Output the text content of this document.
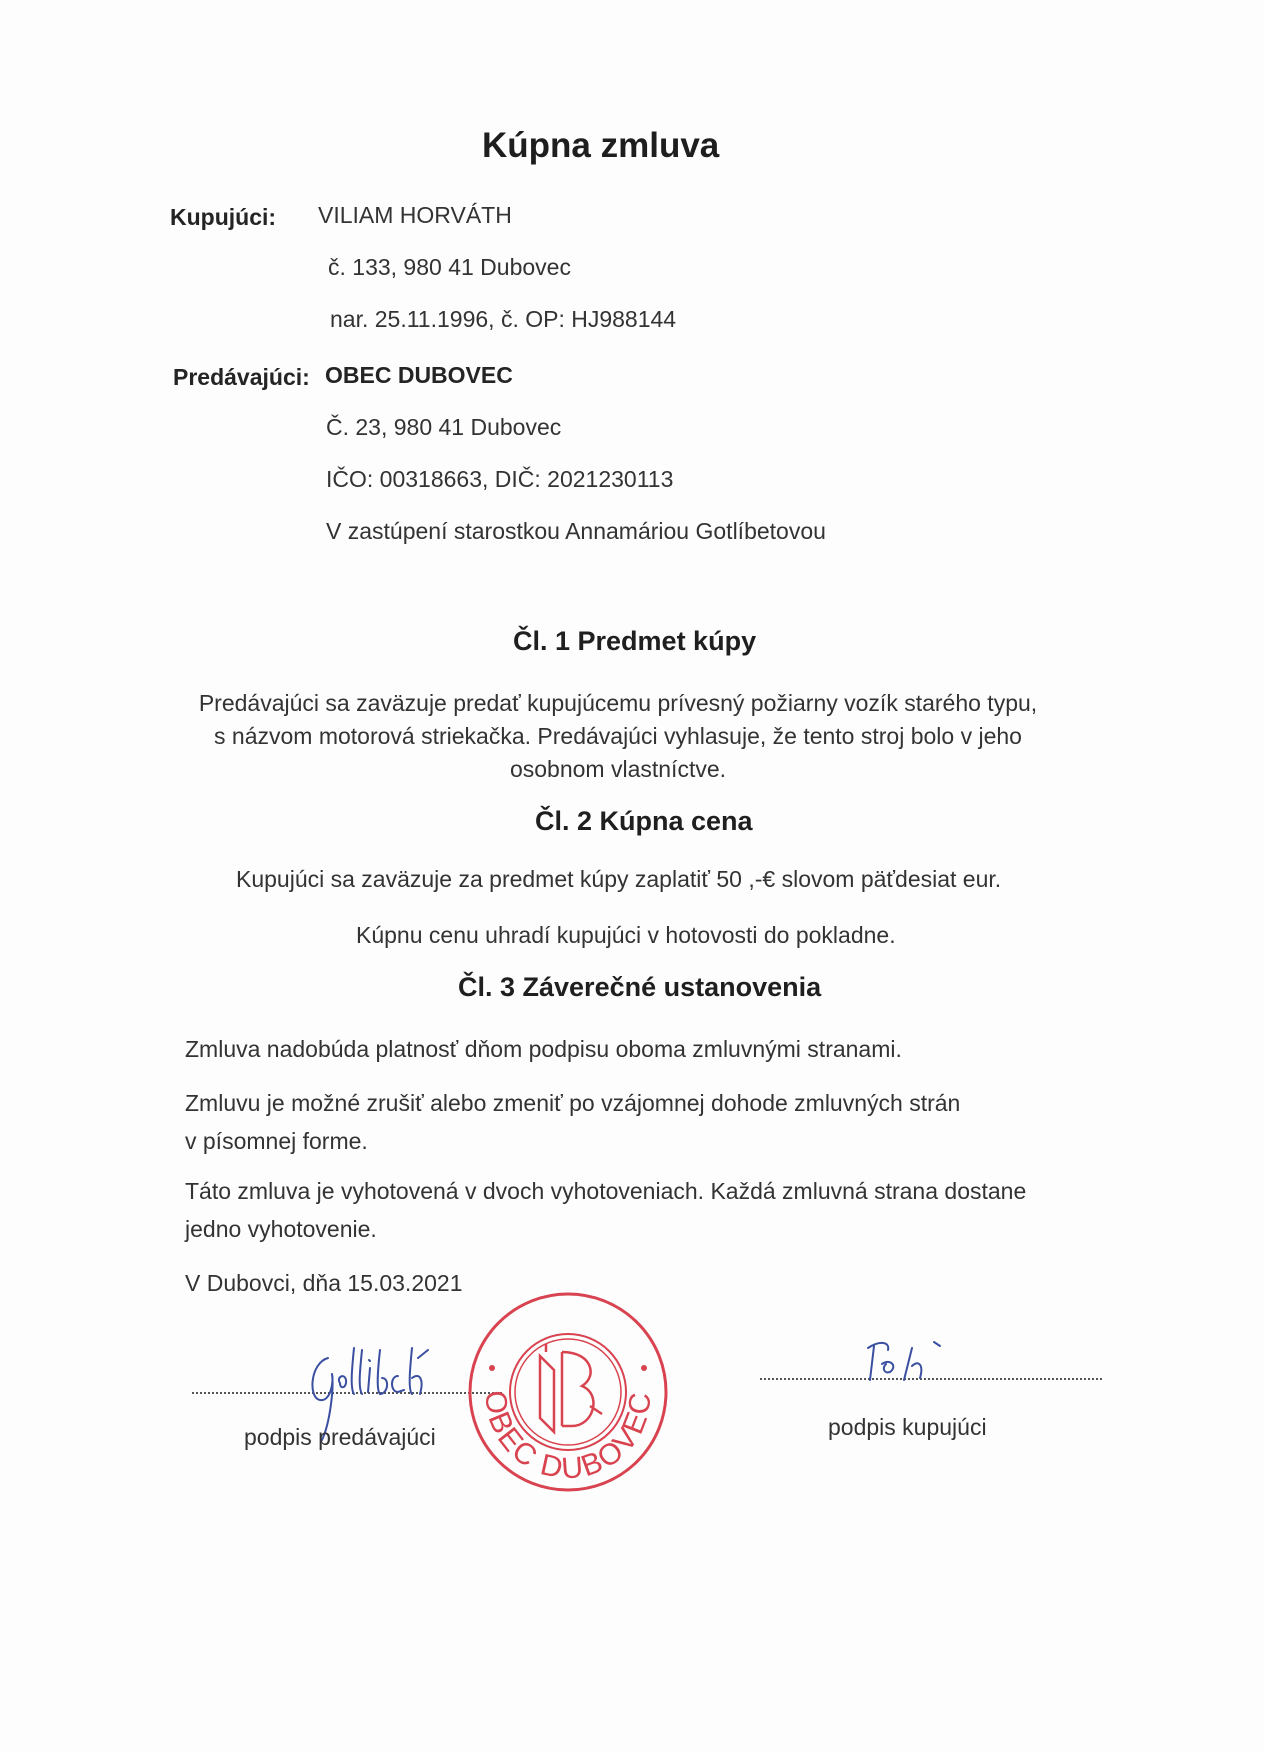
Kúpna zmluva
Kupujúci: VILIAM HORVÁTH
č. 133, 980 41 Dubovec
nar. 25.11.1996, č. OP: HJ988144
Predávajúci: OBEC DUBOVEC
Č. 23, 980 41 Dubovec
IČO: 00318663, DIČ: 2021230113
V zastúpení starostkou Annamáriou Gotlíbetovou
Čl. 1 Predmet kúpy
Predávajúci sa zaväzuje predať kupujúcemu prívesný požiarny vozík starého typu,
s názvom motorová striekačka. Predávajúci vyhlasuje, že tento stroj bolo v jeho
osobnom vlastníctve.
Čl. 2 Kúpna cena
Kupujúci sa zaväzuje za predmet kúpy zaplatiť 50 ,-€ slovom päťdesiat eur.
Kúpnu cenu uhradí kupujúci v hotovosti do pokladne.
Čl. 3 Záverečné ustanovenia
Zmluva nadobúda platnosť dňom podpisu oboma zmluvnými stranami.
Zmluvu je možné zrušiť alebo zmeniť po vzájomnej dohode zmluvných strán
v písomnej forme.
Táto zmluva je vyhotovená v dvoch vyhotoveniach. Každá zmluvná strana dostane
jedno vyhotovenie.
V Dubovci, dňa 15.03.2021
podpis predávajúci
OBEC DUBOVEC
podpis kupujúci
